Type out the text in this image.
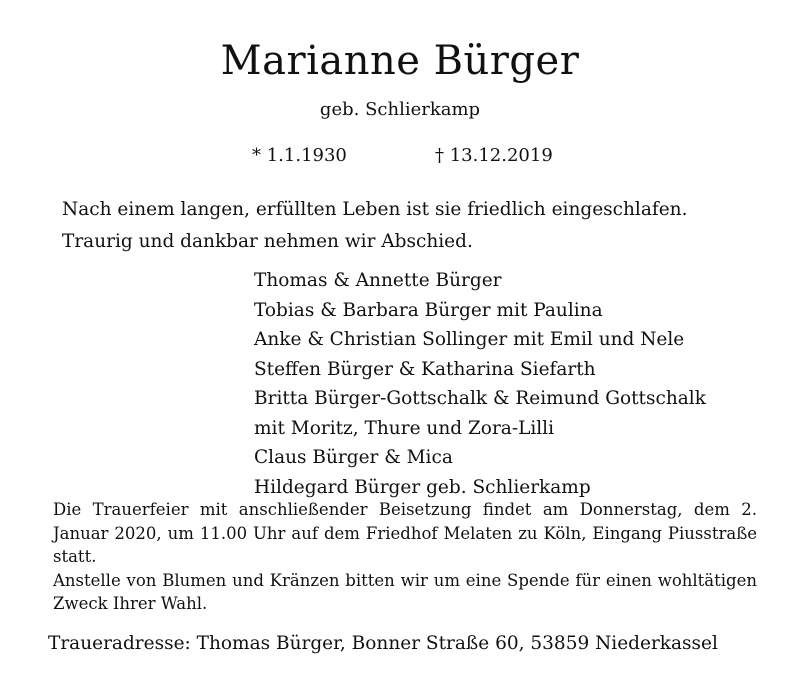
Marianne Bürger
geb. Schlierkamp
* 1.1.1930	† 13.12.2019
Nach einem langen, erfüllten Leben ist sie friedlich eingeschlafen.
Traurig und dankbar nehmen wir Abschied.
Thomas & Annette Bürger
Tobias & Barbara Bürger mit Paulina
Anke & Christian Sollinger mit Emil und Nele
Steffen Bürger & Katharina Siefarth
Britta Bürger-Gottschalk & Reimund Gottschalk
mit Moritz, Thure und Zora-Lilli
Claus Bürger & Mica
Hildegard Bürger geb. Schlierkamp

Die Trauerfeier mit anschließender Beisetzung findet am Donnerstag, dem 2. Januar 2020, um 11.00 Uhr auf dem Friedhof Melaten zu Köln, Eingang Piusstraße statt.

Anstelle von Blumen und Kränzen bitten wir um eine Spende für einen wohltätigen Zweck Ihrer Wahl.

Traueradresse: Thomas Bürger, Bonner Straße 60, 53859 Niederkassel
